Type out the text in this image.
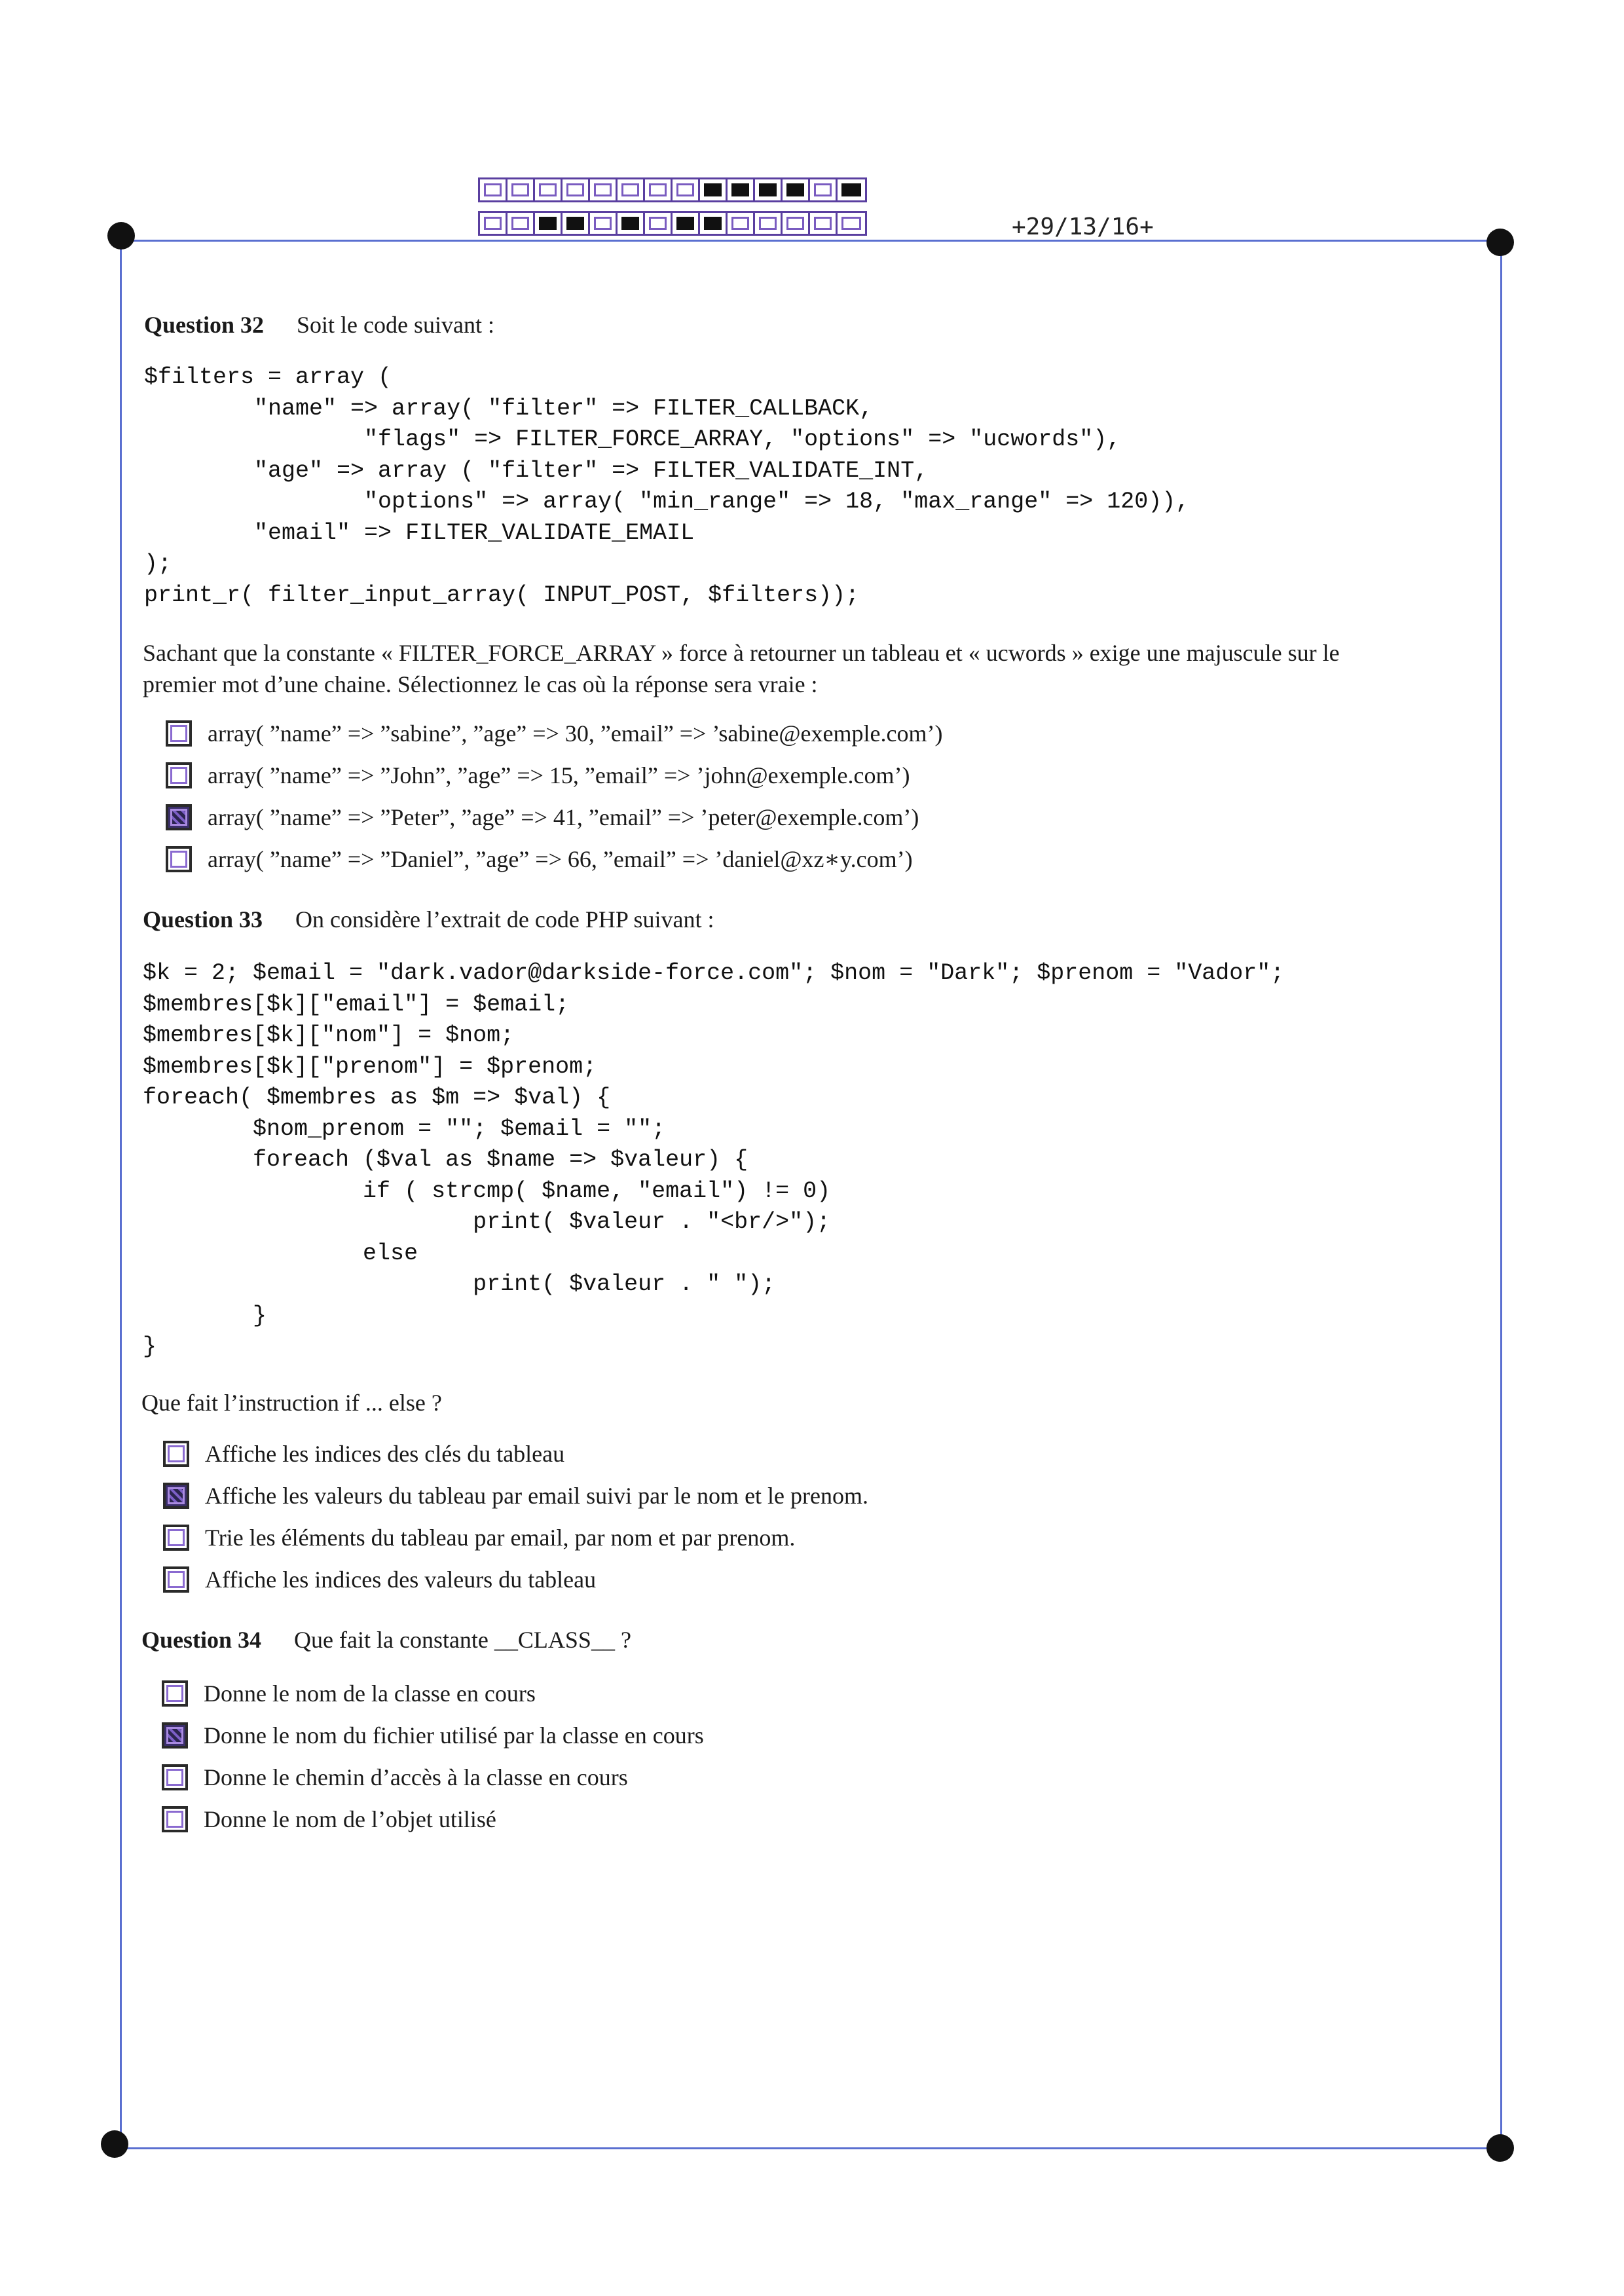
+29/13/16+
Question 32 Soit le code suivant :
$filters = array (
"name" => array( "filter" => FILTER_CALLBACK,
"flags" => FILTER_FORCE_ARRAY, "options" => "ucwords"),
"age" => array ( "filter" => FILTER_VALIDATE_INT,
"options" => array( "min_range" => 18, "max_range" => 120)),
"email" => FILTER_VALIDATE_EMAIL
);
print_r( filter_input_array( INPUT_POST, $filters));
Sachant que la constante « FILTER_FORCE_ARRAY » force à retourner un tableau et « ucwords » exige une majuscule sur le
premier mot d’une chaine. Sélectionnez le cas où la réponse sera vraie :
array( ”name” => ”sabine”, ”age” => 30, ”email” => ’sabine@exemple.com’)
array( ”name” => ”John”, ”age” => 15, ”email” => ’john@exemple.com’)
array( ”name” => ”Peter”, ”age” => 41, ”email” => ’peter@exemple.com’)
array( ”name” => ”Daniel”, ”age” => 66, ”email” => ’daniel@xz∗y.com’)
Question 33 On considère l’extrait de code PHP suivant :
$k = 2; $email = "dark.vador@darkside-force.com"; $nom = "Dark"; $prenom = "Vador";
$membres[$k]["email"] = $email;
$membres[$k]["nom"] = $nom;
$membres[$k]["prenom"] = $prenom;
foreach( $membres as $m => $val) {
$nom_prenom = ""; $email = "";
foreach ($val as $name => $valeur) {
if ( strcmp( $name, "email") != 0)
print( $valeur . "<br/>");
else
print( $valeur . " ");
}
}
Que fait l’instruction if ... else ?
Affiche les indices des clés du tableau
Affiche les valeurs du tableau par email suivi par le nom et le prenom.
Trie les éléments du tableau par email, par nom et par prenom.
Affiche les indices des valeurs du tableau
Question 34 Que fait la constante __CLASS__ ?
Donne le nom de la classe en cours
Donne le nom du fichier utilisé par la classe en cours
Donne le chemin d’accès à la classe en cours
Donne le nom de l’objet utilisé
